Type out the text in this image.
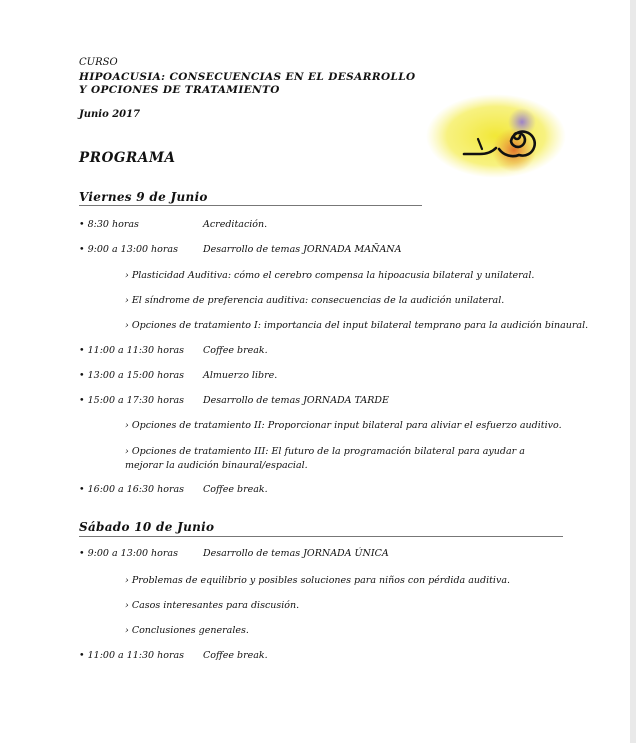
CURSO
HIPOACUSIA: CONSECUENCIAS EN EL DESARROLLO
Y OPCIONES DE TRATAMIENTO
Junio 2017
PROGRAMA
Viernes 9 de Junio
• 8:30 horas	Acreditación.
• 9:00 a 13:00 horas	Desarrollo de temas JORNADA MAÑANA
› Plasticidad Auditiva: cómo el cerebro compensa la hipoacusia bilateral y unilateral.
› El síndrome de preferencia auditiva: consecuencias de la audición unilateral.
› Opciones de tratamiento I: importancia del input bilateral temprano para la audición binaural.
• 11:00 a 11:30 horas Coffee break.
• 13:00 a 15:00 horas Almuerzo libre.
• 15:00 a 17:30 horas Desarrollo de temas JORNADA TARDE
› Opciones de tratamiento II: Proporcionar input bilateral para aliviar el esfuerzo auditivo.
› Opciones de tratamiento III: El futuro de la programación bilateral para ayudar a mejorar la audición binaural/espacial.
• 16:00 a 16:30 horas Coffee break.
Sábado 10 de Junio
• 9:00 a 13:00 horas	Desarrollo de temas JORNADA ÚNICA
› Problemas de equilibrio y posibles soluciones para niños con pérdida auditiva.
› Casos interesantes para discusión.
› Conclusiones generales.
• 11:00 a 11:30 horas Coffee break.
